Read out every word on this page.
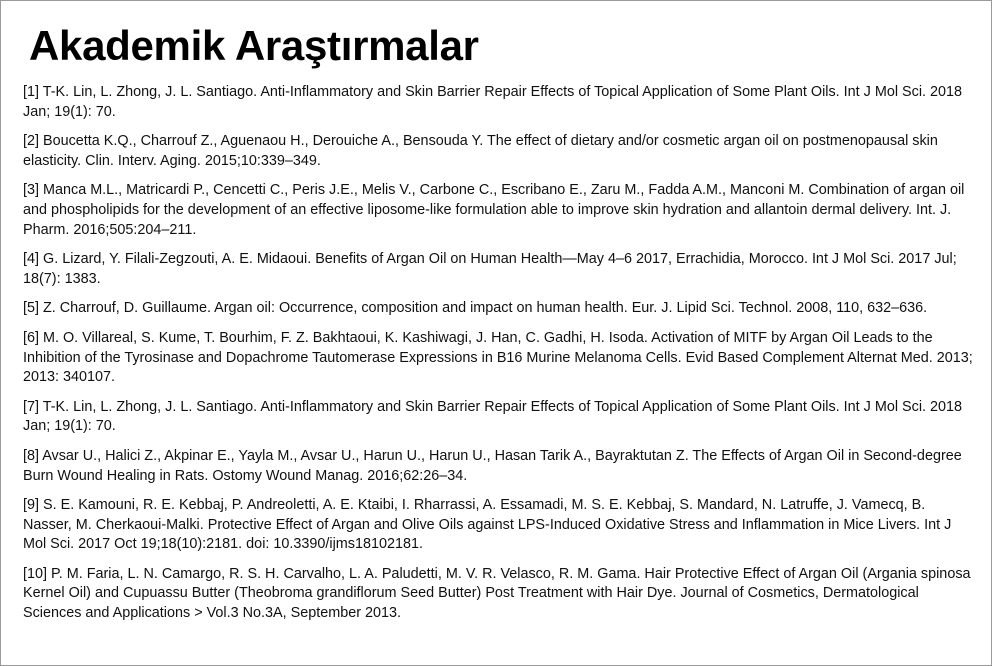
Akademik Araştırmalar
[1] T-K. Lin, L. Zhong, J. L. Santiago. Anti-Inflammatory and Skin Barrier Repair Effects of Topical Application of Some Plant Oils. Int J Mol Sci. 2018 Jan; 19(1): 70.
[2] Boucetta K.Q., Charrouf Z., Aguenaou H., Derouiche A., Bensouda Y. The effect of dietary and/or cosmetic argan oil on postmenopausal skin elasticity. Clin. Interv. Aging. 2015;10:339–349.
[3] Manca M.L., Matricardi P., Cencetti C., Peris J.E., Melis V., Carbone C., Escribano E., Zaru M., Fadda A.M., Manconi M. Combination of argan oil and phospholipids for the development of an effective liposome-like formulation able to improve skin hydration and allantoin dermal delivery. Int. J. Pharm. 2016;505:204–211.
[4] G. Lizard, Y. Filali-Zegzouti, A. E. Midaoui. Benefits of Argan Oil on Human Health—May 4–6 2017, Errachidia, Morocco. Int J Mol Sci. 2017 Jul; 18(7): 1383.
[5] Z. Charrouf, D. Guillaume. Argan oil: Occurrence, composition and impact on human health. Eur. J. Lipid Sci. Technol. 2008, 110, 632–636.
[6] M. O. Villareal, S. Kume, T. Bourhim, F. Z. Bakhtaoui, K. Kashiwagi, J. Han, C. Gadhi, H. Isoda. Activation of MITF by Argan Oil Leads to the Inhibition of the Tyrosinase and Dopachrome Tautomerase Expressions in B16 Murine Melanoma Cells. Evid Based Complement Alternat Med. 2013; 2013: 340107.
[7] T-K. Lin, L. Zhong, J. L. Santiago. Anti-Inflammatory and Skin Barrier Repair Effects of Topical Application of Some Plant Oils. Int J Mol Sci. 2018 Jan; 19(1): 70.
[8] Avsar U., Halici Z., Akpinar E., Yayla M., Avsar U., Harun U., Harun U., Hasan Tarik A., Bayraktutan Z. The Effects of Argan Oil in Second-degree Burn Wound Healing in Rats. Ostomy Wound Manag. 2016;62:26–34.
[9] S. E. Kamouni, R. E. Kebbaj, P. Andreoletti, A. E. Ktaibi, I. Rharrassi, A. Essamadi, M. S. E. Kebbaj, S. Mandard, N. Latruffe, J. Vamecq, B. Nasser, M. Cherkaoui-Malki. Protective Effect of Argan and Olive Oils against LPS-Induced Oxidative Stress and Inflammation in Mice Livers. Int J Mol Sci. 2017 Oct 19;18(10):2181. doi: 10.3390/ijms18102181.
[10] P. M. Faria, L. N. Camargo, R. S. H. Carvalho, L. A. Paludetti, M. V. R. Velasco, R. M. Gama. Hair Protective Effect of Argan Oil (Argania spinosa Kernel Oil) and Cupuassu Butter (Theobroma grandiflorum Seed Butter) Post Treatment with Hair Dye. Journal of Cosmetics, Dermatological Sciences and Applications > Vol.3 No.3A, September 2013.
